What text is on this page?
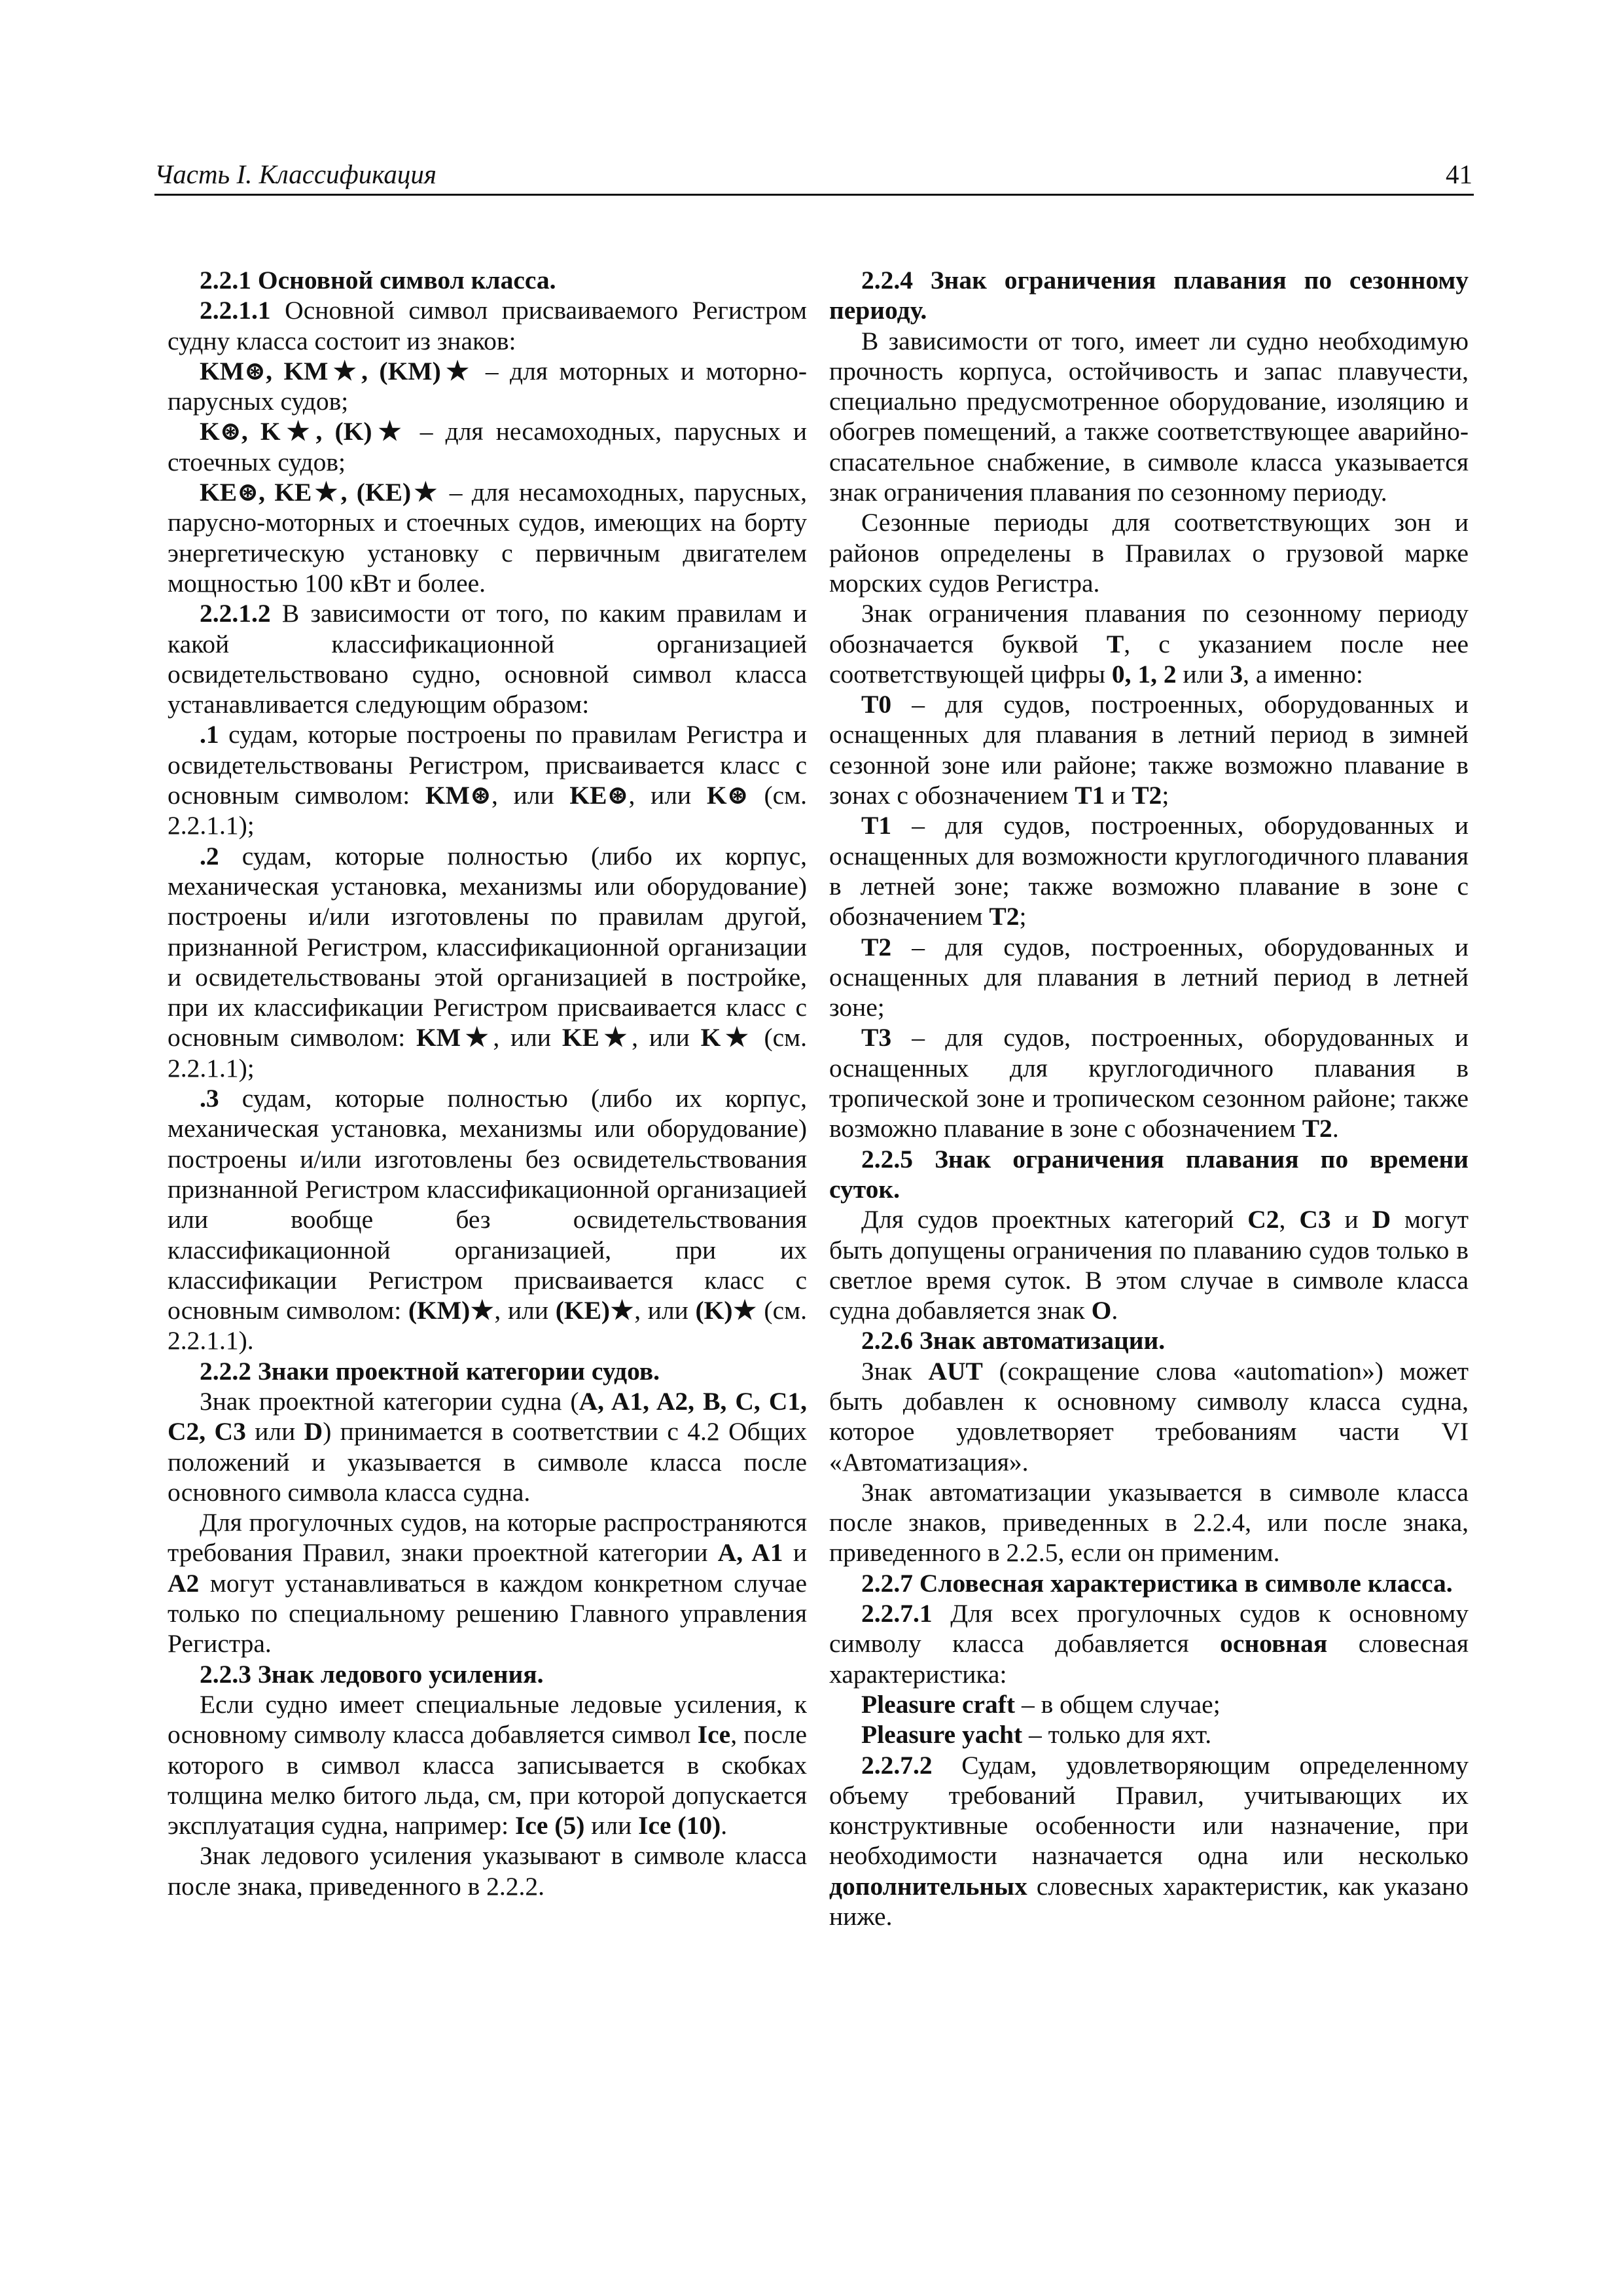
Часть I. Классификация	41

2.2.1 Основной символ класса.

2.2.1.1 Основной символ присваиваемого Регистром судну класса состоит из знаков:

KM⊛, KM★, (KM)★ – для моторных и моторно-парусных судов;

K⊛, K★, (K)★ – для несамоходных, парусных и стоечных судов;

KE⊛, KE★, (KE)★ – для несамоходных, парусных, парусно-моторных и стоечных судов, имеющих на борту энергетическую установку с первичным двигателем мощностью 100 кВт и более.

2.2.1.2 В зависимости от того, по каким правилам и какой классификационной организацией освидетельствовано судно, основной символ класса устанавливается следующим образом:

.1 судам, которые построены по правилам Регистра и освидетельствованы Регистром, присваивается класс с основным символом: KM⊛, или KE⊛, или K⊛ (см. 2.2.1.1);

.2 судам, которые полностью (либо их корпус, механическая установка, механизмы или оборудование) построены и/или изготовлены по правилам другой, признанной Регистром, классификационной организации и освидетельствованы этой организацией в постройке, при их классификации Регистром присваивается класс с основным символом: KM★, или KE★, или K★ (см. 2.2.1.1);

.3 судам, которые полностью (либо их корпус, механическая установка, механизмы или оборудование) построены и/или изготовлены без освидетельствования признанной Регистром классификационной организацией или вообще без освидетельствования классификационной организацией, при их классификации Регистром присваивается класс с основным символом: (KM)★, или (KE)★, или (K)★ (см. 2.2.1.1).

2.2.2 Знаки проектной категории судов.

Знак проектной категории судна (A, A1, A2, B, C, C1, C2, C3 или D) принимается в соответствии с 4.2 Общих положений и указывается в символе класса после основного символа класса судна.

Для прогулочных судов, на которые распространяются требования Правил, знаки проектной категории A, A1 и A2 могут устанавливаться в каждом конкретном случае только по специальному решению Главного управления Регистра.

2.2.3 Знак ледового усиления.

Если судно имеет специальные ледовые усиления, к основному символу класса добавляется символ Ice, после которого в символ класса записывается в скобках толщина мелко битого льда, см, при которой допускается эксплуатация судна, например: Ice (5) или Ice (10).

Знак ледового усиления указывают в символе класса после знака, приведенного в 2.2.2.

2.2.4 Знак ограничения плавания по сезонному периоду.

В зависимости от того, имеет ли судно необходимую прочность корпуса, остойчивость и запас плавучести, специально предусмотренное оборудование, изоляцию и обогрев помещений, а также соответствующее аварийно-спасательное снабжение, в символе класса указывается знак ограничения плавания по сезонному периоду.

Сезонные периоды для соответствующих зон и районов определены в Правилах о грузовой марке морских судов Регистра.

Знак ограничения плавания по сезонному периоду обозначается буквой T, с указанием после нее соответствующей цифры 0, 1, 2 или 3, а именно:

T0 – для судов, построенных, оборудованных и оснащенных для плавания в летний период в зимней сезонной зоне или районе; также возможно плавание в зонах с обозначением T1 и T2;

T1 – для судов, построенных, оборудованных и оснащенных для возможности круглогодичного плавания в летней зоне; также возможно плавание в зоне с обозначением T2;

T2 – для судов, построенных, оборудованных и оснащенных для плавания в летний период в летней зоне;

T3 – для судов, построенных, оборудованных и оснащенных для круглогодичного плавания в тропической зоне и тропическом сезонном районе; также возможно плавание в зоне с обозначением T2.

2.2.5 Знак ограничения плавания по времени суток.

Для судов проектных категорий C2, C3 и D могут быть допущены ограничения по плаванию судов только в светлое время суток. В этом случае в символе класса судна добавляется знак O.

2.2.6 Знак автоматизации.

Знак AUT (сокращение слова «automation») может быть добавлен к основному символу класса судна, которое удовлетворяет требованиям части VI «Автоматизация».

Знак автоматизации указывается в символе класса после знаков, приведенных в 2.2.4, или после знака, приведенного в 2.2.5, если он применим.

2.2.7 Словесная характеристика в символе класса.

2.2.7.1 Для всех прогулочных судов к основному символу класса добавляется основная словесная характеристика:

Pleasure craft – в общем случае;

Pleasure yacht – только для яхт.

2.2.7.2 Судам, удовлетворяющим определенному объему требований Правил, учитывающих их конструктивные особенности или назначение, при необходимости назначается одна или несколько дополнительных словесных характеристик, как указано ниже.
